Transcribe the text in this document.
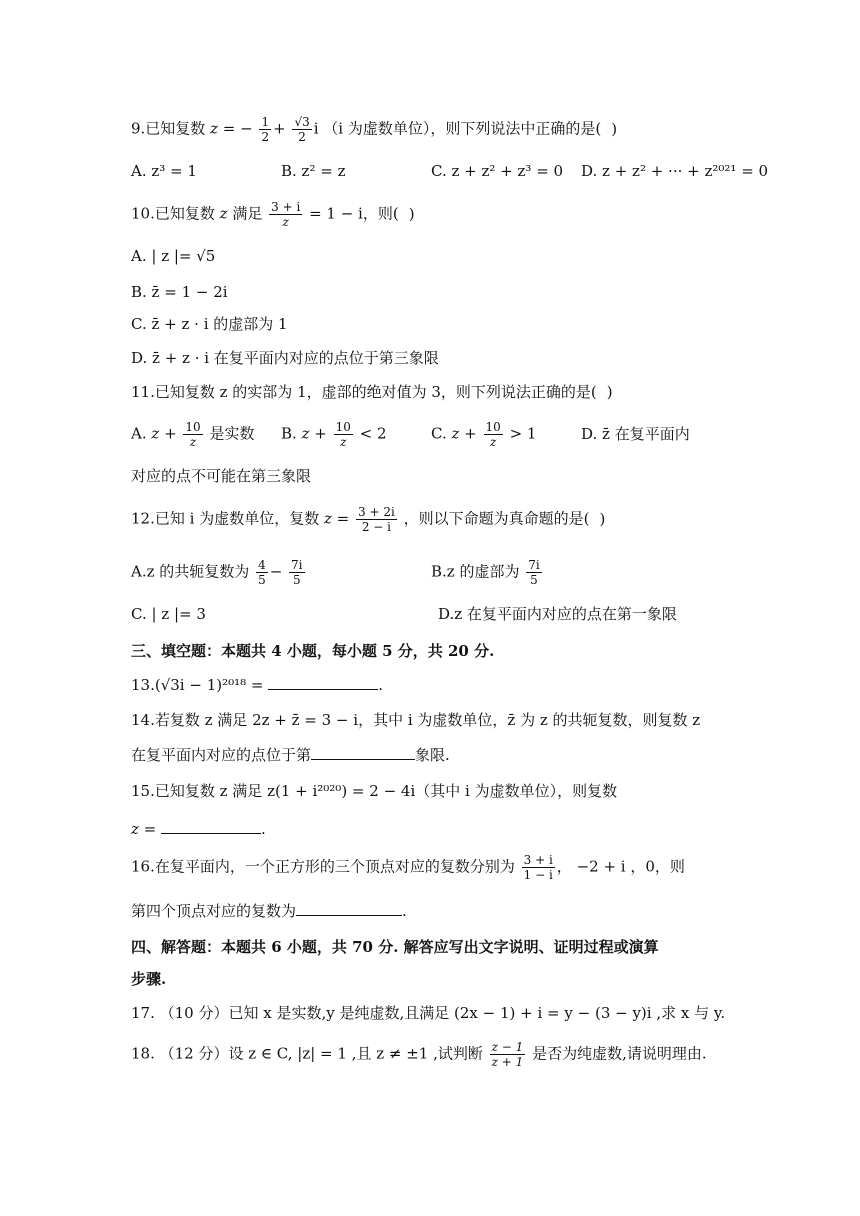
9.已知复数 z = − $\frac{1}{2} + \frac{√3}{2}$ i （i 为虚数单位），则下列说法中正确的是( )
A. z³ = 1	B. z² = z	C. z + z² + z³ = 0 D. z + z² + ··· + z²⁰²¹ = 0
10.已知复数 z 满足 $\frac{3 + i}{z} = 1 - i$，则( )
A. | z |= √5
B. z̄ = 1 − 2i
C. z̄ + z · i 的虚部为 1
D. z̄ + z · i 在复平面内对应的点位于第三象限
11.已知复数 z 的实部为 1，虚部的绝对值为 3，则下列说法正确的是( )
A. $z + \frac{10}{z}$ 是实数 B. $z + \frac{10}{z} < 2$	C. $z + \frac{10}{z} > 1$	D. z̄ 在复平面内
对应的点不可能在第三象限
12.已知 i 为虚数单位，复数 $z = \frac{3 + 2i}{2 - i}$ ，则以下命题为真命题的是( )
A.z 的共轭复数为 $\frac{4}{5} - \frac{7i}{5}$	B.z 的虚部为 $\frac{7i}{5}$
C. | z |= 3	D.z 在复平面内对应的点在第一象限
三、填空题：本题共 4 小题，每小题 5 分，共 20 分.
13.(√3i − 1)²⁰¹⁸ =	.
14.若复数 z 满足 2z + z̄ = 3 − i，其中 i 为虚数单位，z̄ 为 z 的共轭复数，则复数 z
在复平面内对应的点位于第	象限.
15.已知复数 z 满足 z(1 + i²⁰²⁰) = 2 − 4i（其中 i 为虚数单位），则复数
z =	.
16.在复平面内，一个正方形的三个顶点对应的复数分别为 $\frac{3 + i}{1 - i}$ ， −2 + i ，0，则
第四个顶点对应的复数为	.
四、解答题：本题共 6 小题，共 70 分. 解答应写出文字说明、证明过程或演算
步骤.
17. （10 分）已知 x 是实数,y 是纯虚数,且满足 (2x − 1) + i = y − (3 − y)i ,求 x 与 y.
18. （12 分）设 z ∈ C, |z| = 1 ,且 z ≠ ±1 ,试判断 $\frac{z - 1}{z + 1}$ 是否为纯虚数,请说明理由.
